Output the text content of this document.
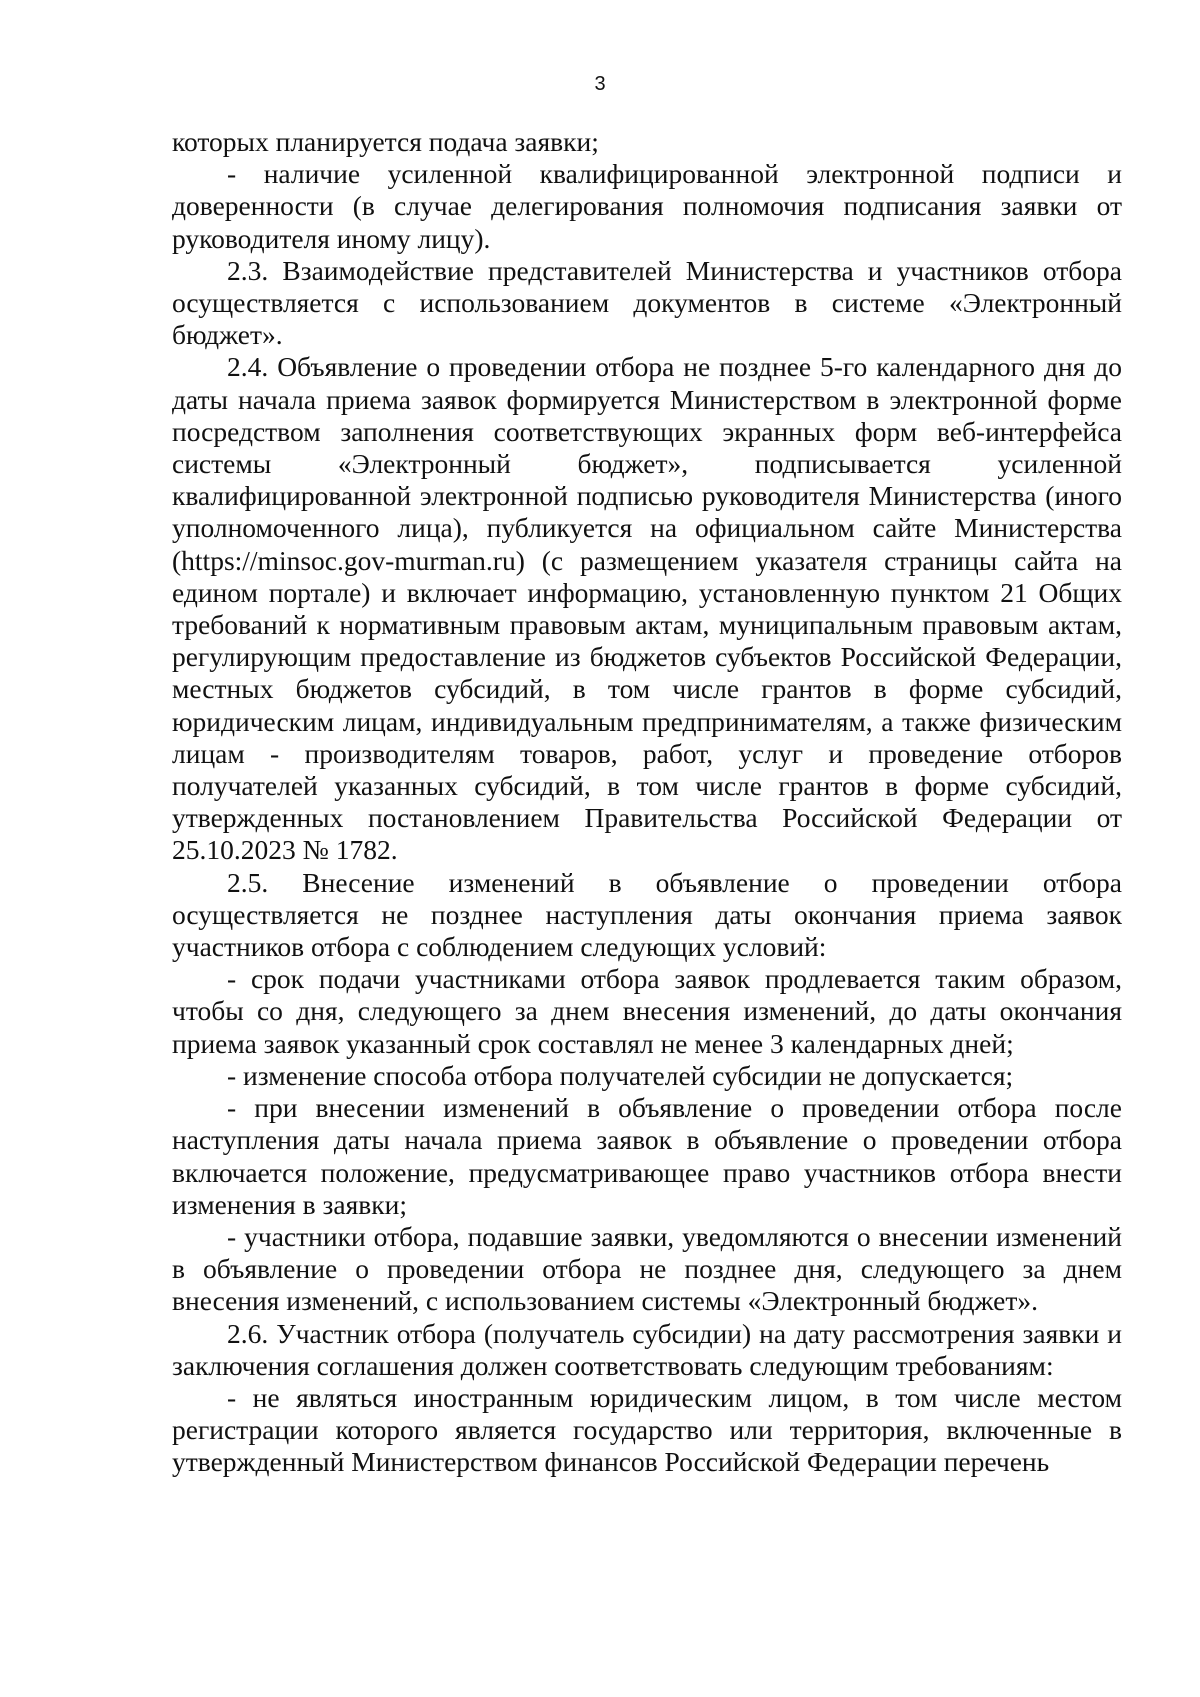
3

которых планируется подача заявки;

- наличие усиленной квалифицированной электронной подписи и доверенности (в случае делегирования полномочия подписания заявки от руководителя иному лицу).

2.3. Взаимодействие представителей Министерства и участников отбора осуществляется с использованием документов в системе «Электронный бюджет».

2.4. Объявление о проведении отбора не позднее 5-го календарного дня до даты начала приема заявок формируется Министерством в электронной форме посредством заполнения соответствующих экранных форм веб-интерфейса системы «Электронный бюджет», подписывается усиленной квалифицированной электронной подписью руководителя Министерства (иного уполномоченного лица), публикуется на официальном сайте Министерства (https://minsoc.gov-murman.ru) (с размещением указателя страницы сайта на едином портале) и включает информацию, установленную пунктом 21 Общих требований к нормативным правовым актам, муниципальным правовым актам, регулирующим предоставление из бюджетов субъектов Российской Федерации, местных бюджетов субсидий, в том числе грантов в форме субсидий, юридическим лицам, индивидуальным предпринимателям, а также физическим лицам - производителям товаров, работ, услуг и проведение отборов получателей указанных субсидий, в том числе грантов в форме субсидий, утвержденных постановлением Правительства Российской Федерации от 25.10.2023 № 1782.

2.5. Внесение изменений в объявление о проведении отбора осуществляется не позднее наступления даты окончания приема заявок участников отбора с соблюдением следующих условий:

- срок подачи участниками отбора заявок продлевается таким образом, чтобы со дня, следующего за днем внесения изменений, до даты окончания приема заявок указанный срок составлял не менее 3 календарных дней;

- изменение способа отбора получателей субсидии не допускается;

- при внесении изменений в объявление о проведении отбора после наступления даты начала приема заявок в объявление о проведении отбора включается положение, предусматривающее право участников отбора внести изменения в заявки;

- участники отбора, подавшие заявки, уведомляются о внесении изменений в объявление о проведении отбора не позднее дня, следующего за днем внесения изменений, с использованием системы «Электронный бюджет».

2.6. Участник отбора (получатель субсидии) на дату рассмотрения заявки и заключения соглашения должен соответствовать следующим требованиям:

- не являться иностранным юридическим лицом, в том числе местом регистрации которого является государство или территория, включенные в утвержденный Министерством финансов Российской Федерации перечень
